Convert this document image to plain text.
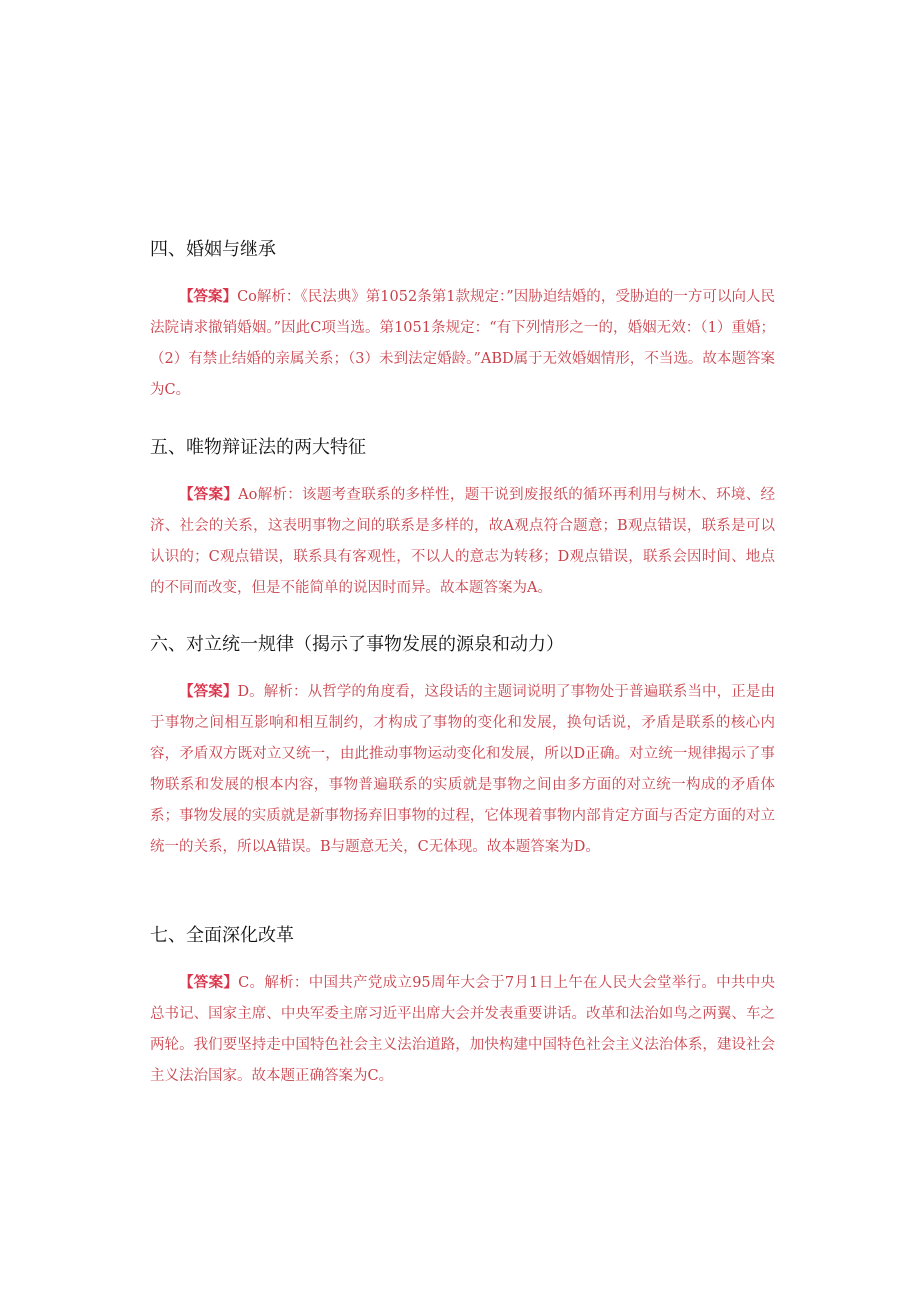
四、婚姻与继承

【答案】Co解析：《民法典》第1052条第1款规定：”因胁迫结婚的，受胁迫的一方可以向人民法院请求撤销婚姻。”因此C项当选。第1051条规定：“有下列情形之一的，婚姻无效：（1）重婚；（2）有禁止结婚的亲属关系；（3）未到法定婚龄。”ABD属于无效婚姻情形，不当选。故本题答案为C。

五、唯物辩证法的两大特征

【答案】Ao解析：该题考查联系的多样性，题干说到废报纸的循环再利用与树木、环境、经济、社会的关系，这表明事物之间的联系是多样的，故A观点符合题意；B观点错误，联系是可以认识的；C观点错误，联系具有客观性，不以人的意志为转移；D观点错误，联系会因时间、地点的不同而改变，但是不能简单的说因时而异。故本题答案为A。

六、对立统一规律（揭示了事物发展的源泉和动力）

【答案】D。解析：从哲学的角度看，这段话的主题词说明了事物处于普遍联系当中，正是由于事物之间相互影响和相互制约，才构成了事物的变化和发展，换句话说，矛盾是联系的核心内容，矛盾双方既对立又统一，由此推动事物运动变化和发展，所以D正确。对立统一规律揭示了事物联系和发展的根本内容，事物普遍联系的实质就是事物之间由多方面的对立统一构成的矛盾体系；事物发展的实质就是新事物扬弃旧事物的过程，它体现着事物内部肯定方面与否定方面的对立统一的关系，所以A错误。B与题意无关，C无体现。故本题答案为D。

七、全面深化改革

【答案】C。解析：中国共产党成立95周年大会于7月1日上午在人民大会堂举行。中共中央总书记、国家主席、中央军委主席习近平出席大会并发表重要讲话。改革和法治如鸟之两翼、车之两轮。我们要坚持走中国特色社会主义法治道路，加快构建中国特色社会主义法治体系，建设社会主义法治国家。故本题正确答案为C。
